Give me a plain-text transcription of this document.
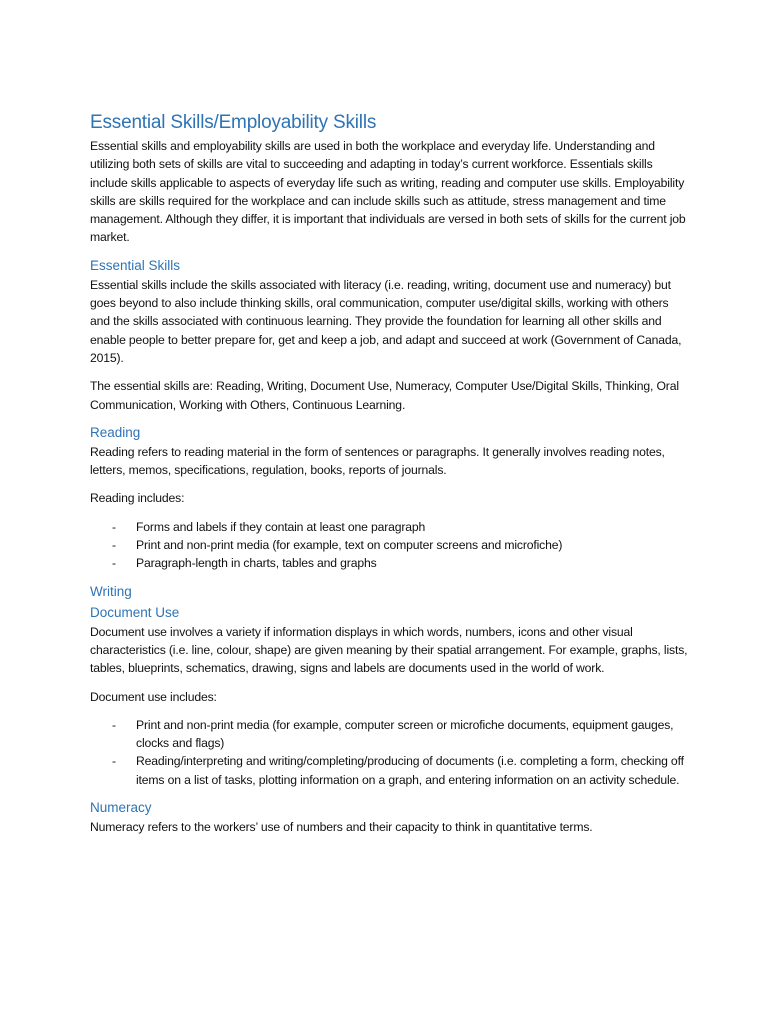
Essential Skills/Employability Skills

Essential skills and employability skills are used in both the workplace and everyday life. Understanding and utilizing both sets of skills are vital to succeeding and adapting in today’s current workforce. Essentials skills include skills applicable to aspects of everyday life such as writing, reading and computer use skills. Employability skills are skills required for the workplace and can include skills such as attitude, stress management and time management. Although they differ, it is important that individuals are versed in both sets of skills for the current job market.

Essential Skills

Essential skills include the skills associated with literacy (i.e. reading, writing, document use and numeracy) but goes beyond to also include thinking skills, oral communication, computer use/digital skills, working with others and the skills associated with continuous learning. They provide the foundation for learning all other skills and enable people to better prepare for, get and keep a job, and adapt and succeed at work (Government of Canada, 2015).

The essential skills are: Reading, Writing, Document Use, Numeracy, Computer Use/Digital Skills, Thinking, Oral Communication, Working with Others, Continuous Learning.

Reading

Reading refers to reading material in the form of sentences or paragraphs. It generally involves reading notes, letters, memos, specifications, regulation, books, reports of journals.

Reading includes:

- Forms and labels if they contain at least one paragraph
- Print and non-print media (for example, text on computer screens and microfiche)
- Paragraph-length in charts, tables and graphs
Writing
Document Use

Document use involves a variety if information displays in which words, numbers, icons and other visual characteristics (i.e. line, colour, shape) are given meaning by their spatial arrangement. For example, graphs, lists, tables, blueprints, schematics, drawing, signs and labels are documents used in the world of work.

Document use includes:

- Print and non-print media (for example, computer screen or microfiche documents, equipment gauges, clocks and flags)
- Reading/interpreting and writing/completing/producing of documents (i.e. completing a form, checking off items on a list of tasks, plotting information on a graph, and entering information on an activity schedule.
Numeracy

Numeracy refers to the workers’ use of numbers and their capacity to think in quantitative terms.
